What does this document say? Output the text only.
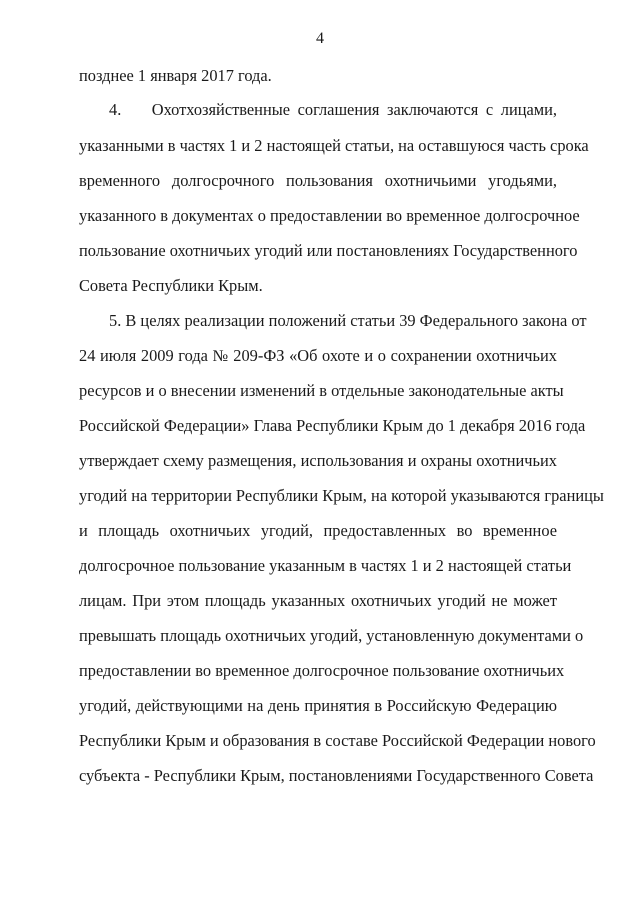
4
позднее 1 января 2017 года.
4.    Охотхозяйственные соглашения заключаются с лицами,
указанными в частях 1 и 2 настоящей статьи, на оставшуюся часть срока
временного долгосрочного пользования охотничьими угодьями,
указанного в документах о предоставлении во временное долгосрочное
пользование охотничьих угодий или постановлениях Государственного
Совета Республики Крым.
5. В целях реализации положений статьи 39 Федерального закона от
24 июля 2009 года № 209-ФЗ «Об охоте и о сохранении охотничьих
ресурсов и о внесении изменений в отдельные законодательные акты
Российской Федерации» Глава Республики Крым до 1 декабря 2016 года
утверждает схему размещения, использования и охраны охотничьих
угодий на территории Республики Крым, на которой указываются границы
и площадь охотничьих угодий, предоставленных во временное
долгосрочное пользование указанным в частях 1 и 2 настоящей статьи
лицам. При этом площадь указанных охотничьих угодий не может
превышать площадь охотничьих угодий, установленную документами о
предоставлении во временное долгосрочное пользование охотничьих
угодий, действующими на день принятия в Российскую Федерацию
Республики Крым и образования в составе Российской Федерации нового
субъекта - Республики Крым, постановлениями Государственного Совета
